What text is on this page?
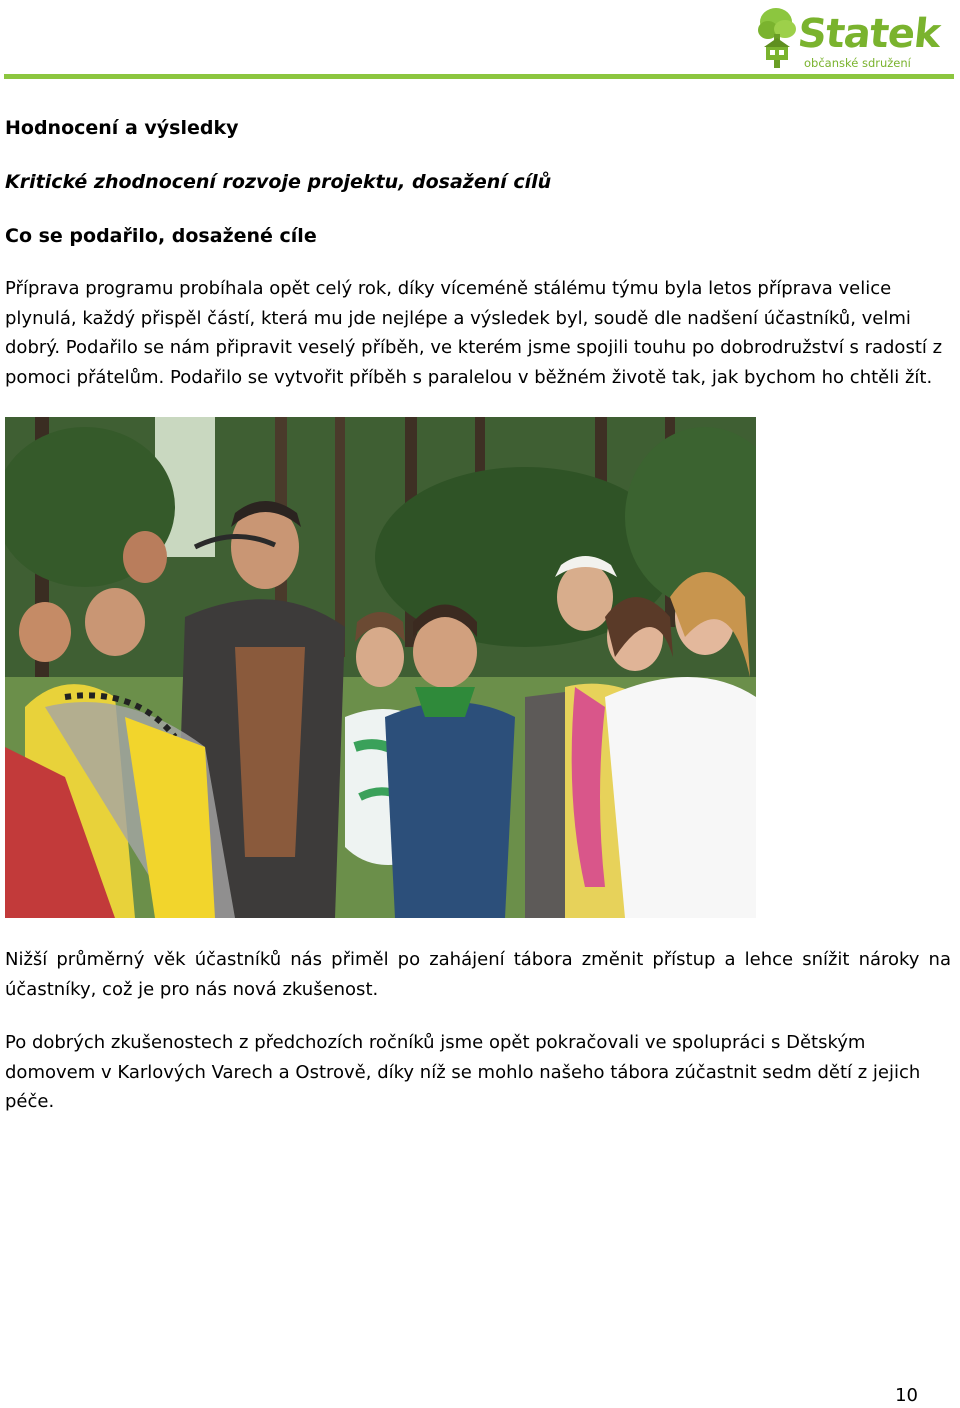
Statek
občanské sdružení
Hodnocení a výsledky
Kritické zhodnocení rozvoje projektu, dosažení cílů
Co se podařilo, dosažené cíle

Příprava programu probíhala opět celý rok, díky víceméně stálému týmu byla letos příprava velice plynulá, každý přispěl částí, která mu jde nejlépe a výsledek byl, soudě dle nadšení účastníků, velmi dobrý. Podařilo se nám připravit veselý příběh, ve kterém jsme spojili touhu po dobrodružství s radostí z pomoci přátelům. Podařilo se vytvořit příběh s paralelou v běžném životě tak, jak bychom ho chtěli žít.

Nižší průměrný věk účastníků nás přiměl po zahájení tábora změnit přístup a lehce snížit nároky na účastníky, což je pro nás nová zkušenost.

Po dobrých zkušenostech z předchozích ročníků jsme opět pokračovali ve spolupráci s Dětským domovem v Karlových Varech a Ostrově, díky níž se mohlo našeho tábora zúčastnit sedm dětí z jejich péče.

10
